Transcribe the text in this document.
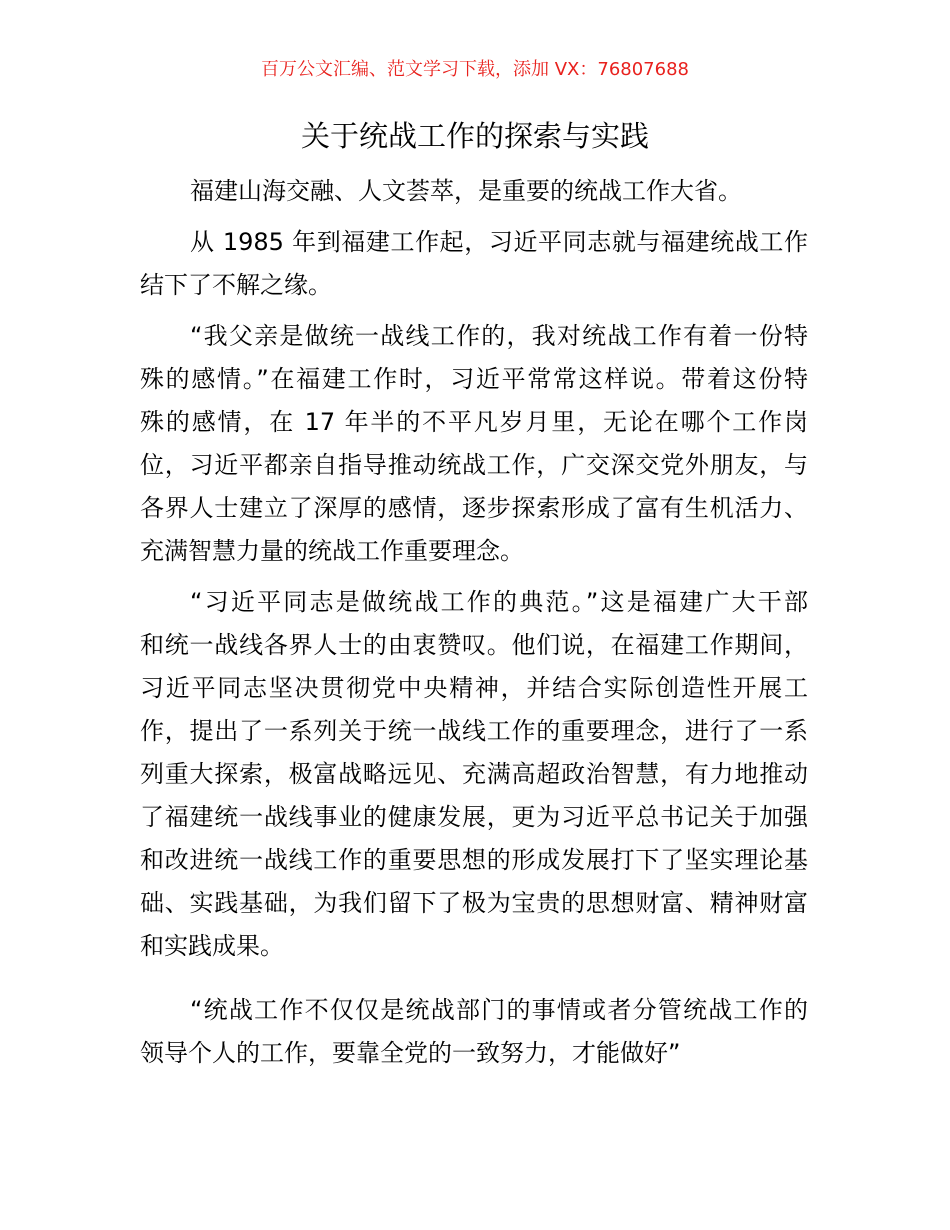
百万公文汇编、范文学习下载，添加 VX：76807688
关于统战工作的探索与实践
福建山海交融、人文荟萃，是重要的统战工作大省。
从 1985 年到福建工作起，习近平同志就与福建统战工作
结下了不解之缘。
“我父亲是做统一战线工作的，我对统战工作有着一份特
殊的感情。”在福建工作时，习近平常常这样说。带着这份特
殊的感情，在 17 年半的不平凡岁月里，无论在哪个工作岗
位，习近平都亲自指导推动统战工作，广交深交党外朋友，与
各界人士建立了深厚的感情，逐步探索形成了富有生机活力、
充满智慧力量的统战工作重要理念。
“习近平同志是做统战工作的典范。”这是福建广大干部
和统一战线各界人士的由衷赞叹。他们说，在福建工作期间，
习近平同志坚决贯彻党中央精神，并结合实际创造性开展工
作，提出了一系列关于统一战线工作的重要理念，进行了一系
列重大探索，极富战略远见、充满高超政治智慧，有力地推动
了福建统一战线事业的健康发展，更为习近平总书记关于加强
和改进统一战线工作的重要思想的形成发展打下了坚实理论基
础、实践基础，为我们留下了极为宝贵的思想财富、精神财富
和实践成果。
“统战工作不仅仅是统战部门的事情或者分管统战工作的
领导个人的工作，要靠全党的一致努力，才能做好”
